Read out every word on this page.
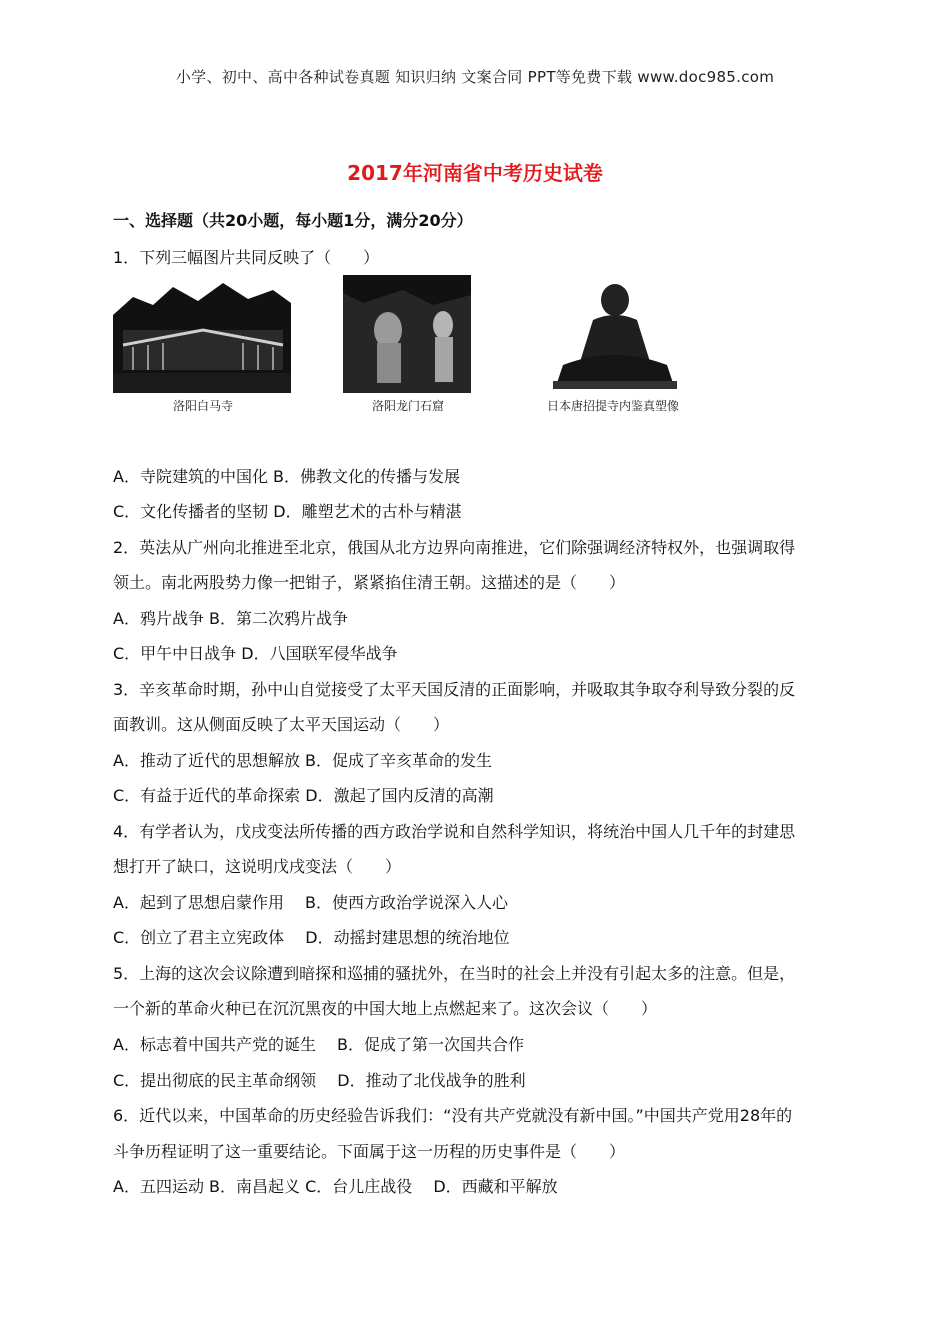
小学、初中、高中各种试卷真题 知识归纳 文案合同 PPT等免费下载 www.doc985.com
2017年河南省中考历史试卷
一、选择题（共20小题，每小题1分，满分20分）
1．下列三幅图片共同反映了（　　）
洛阳白马寺	洛阳龙门石窟	日本唐招提寺内鉴真塑像
A．寺院建筑的中国化 B．佛教文化的传播与发展
C．文化传播者的坚韧 D．雕塑艺术的古朴与精湛
2．英法从广州向北推进至北京，俄国从北方边界向南推进，它们除强调经济特权外，也强调取得
领土。南北两股势力像一把钳子，紧紧掐住清王朝。这描述的是（　　）
A．鸦片战争 B．第二次鸦片战争
C．甲午中日战争 D．八国联军侵华战争
3．辛亥革命时期，孙中山自觉接受了太平天国反清的正面影响，并吸取其争取夺利导致分裂的反
面教训。这从侧面反映了太平天国运动（　　）
A．推动了近代的思想解放 B．促成了辛亥革命的发生
C．有益于近代的革命探索 D．激起了国内反清的高潮
4．有学者认为，戊戌变法所传播的西方政治学说和自然科学知识，将统治中国人几千年的封建思
想打开了缺口，这说明戊戌变法（　　）
A．起到了思想启蒙作用　 B．使西方政治学说深入人心
C．创立了君主立宪政体　 D．动摇封建思想的统治地位
5．上海的这次会议除遭到暗探和巡捕的骚扰外，在当时的社会上并没有引起太多的注意。但是，
一个新的革命火种已在沉沉黑夜的中国大地上点燃起来了。这次会议（　　）
A．标志着中国共产党的诞生　 B．促成了第一次国共合作
C．提出彻底的民主革命纲领　 D．推动了北伐战争的胜利
6．近代以来，中国革命的历史经验告诉我们：“没有共产党就没有新中国。”中国共产党用28年的
斗争历程证明了这一重要结论。下面属于这一历程的历史事件是（　　）
A．五四运动 B．南昌起义 C．台儿庄战役　 D．西藏和平解放
